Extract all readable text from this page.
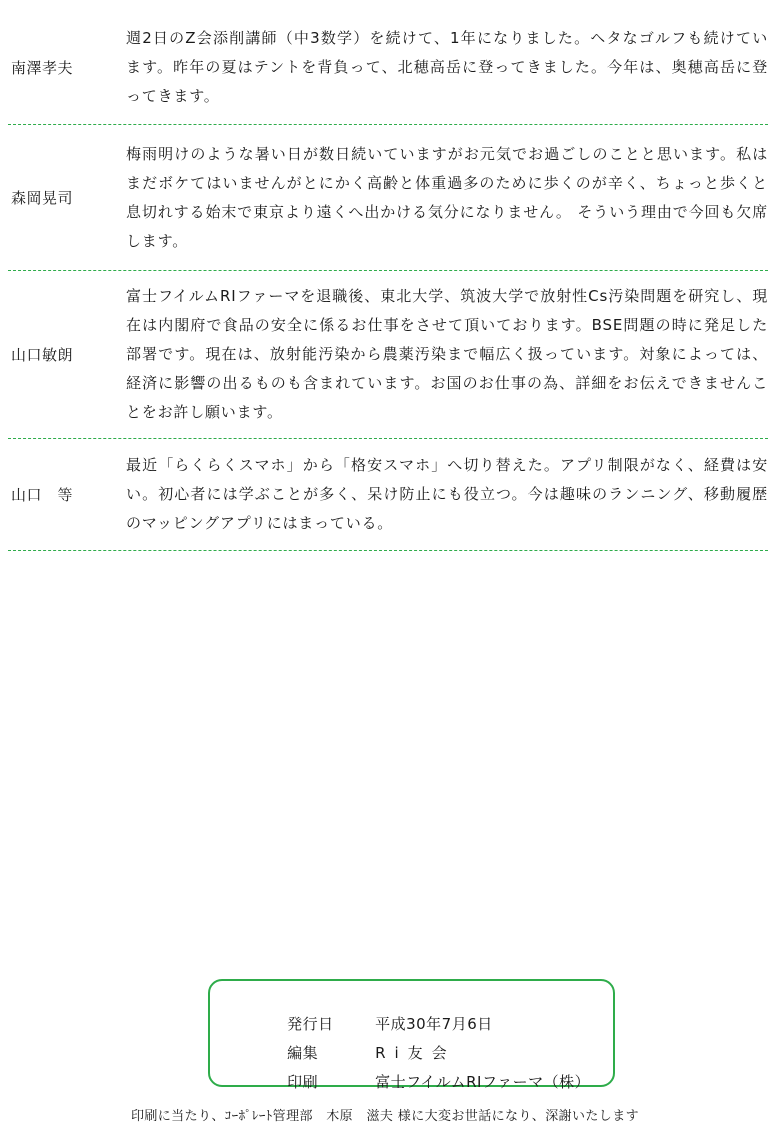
南澤孝夫
週2日のZ会添削講師（中3数学）を続けて、1年になりました。ヘタなゴルフも続けています。昨年の夏はテントを背負って、北穂高岳に登ってきました。今年は、奥穂高岳に登ってきます。
森岡晃司
梅雨明けのような暑い日が数日続いていますがお元気でお過ごしのことと思います。私はまだボケてはいませんがとにかく高齢と体重過多のために歩くのが辛く、ちょっと歩くと息切れする始末で東京より遠くへ出かける気分になりません。 そういう理由で今回も欠席します。
山口敏朗
富士フイルムRIファーマを退職後、東北大学、筑波大学で放射性Cs汚染問題を研究し、現在は内閣府で食品の安全に係るお仕事をさせて頂いております。BSE問題の時に発足した部署です。現在は、放射能汚染から農薬汚染まで幅広く扱っています。対象によっては、経済に影響の出るものも含まれています。お国のお仕事の為、詳細をお伝えできませんことをお許し願います。
山口　等
最近「らくらくスマホ」から「格安スマホ」へ切り替えた。アプリ制限がなく、経費は安い。初心者には学ぶことが多く、呆け防止にも役立つ。今は趣味のランニング、移動履歴のマッピングアプリにはまっている。

発行日	平成30年7月6日

編集	Ri友会

印刷	富士フイルムRIファーマ（株）

印刷に当たり、ｺｰﾎﾟﾚｰﾄ管理部　木原　滋夫 様に大変お世話になり、深謝いたします
